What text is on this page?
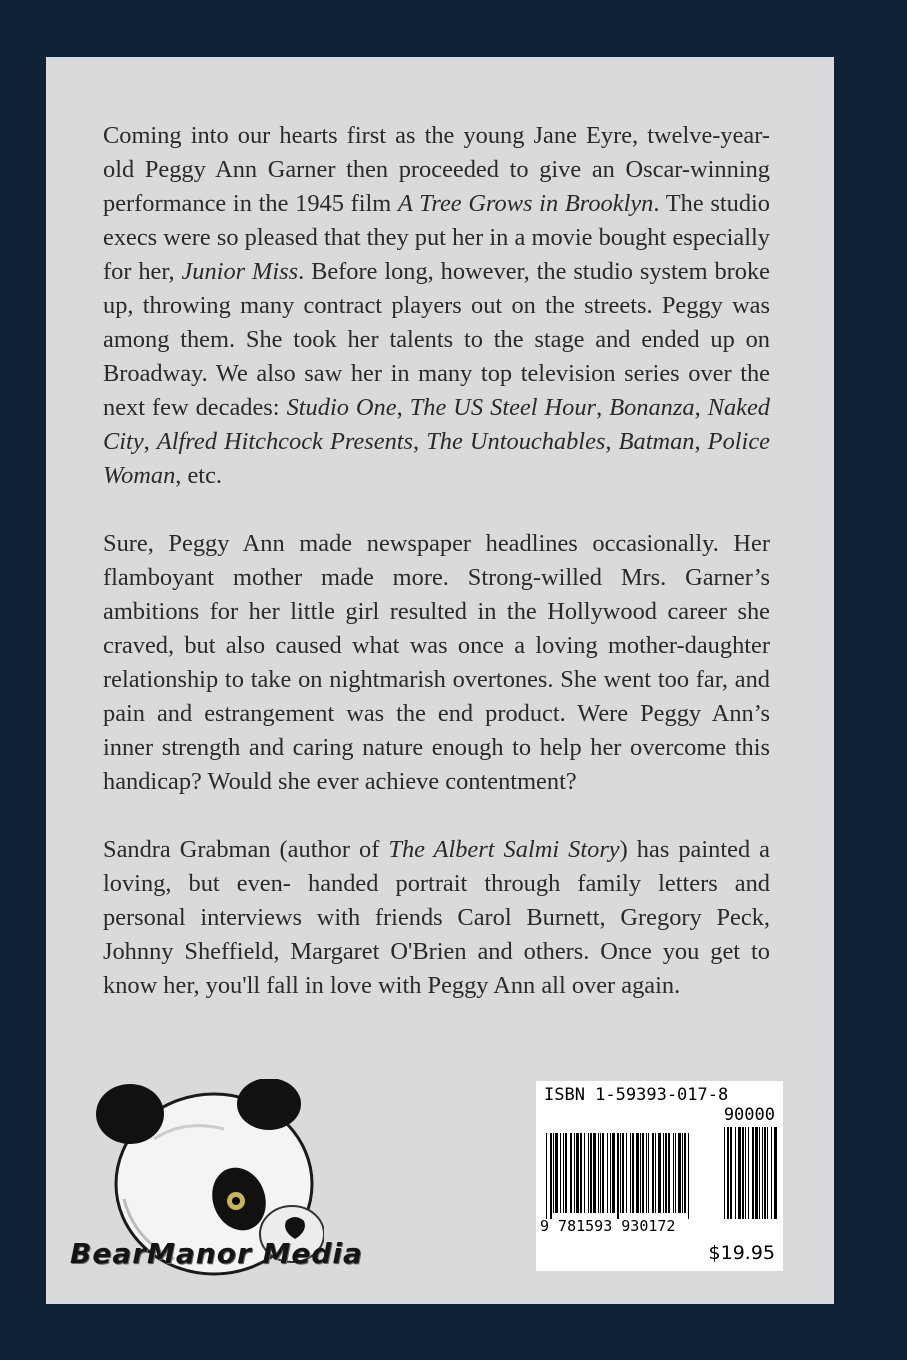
Coming into our hearts first as the young Jane Eyre, twelve-year-old Peggy Ann Garner then proceeded to give an Oscar-winning performance in the 1945 film A Tree Grows in Brooklyn. The studio execs were so pleased that they put her in a movie bought especially for her, Junior Miss. Before long, however, the studio system broke up, throwing many contract players out on the streets. Peggy was among them. She took her talents to the stage and ended up on Broadway. We also saw her in many top television series over the next few decades: Studio One, The US Steel Hour, Bonanza, Naked City, Alfred Hitchcock Presents, The Untouchables, Batman, Police Woman, etc.

Sure, Peggy Ann made newspaper headlines occasionally. Her flamboyant mother made more. Strong-willed Mrs. Garner’s ambitions for her little girl resulted in the Hollywood career she craved, but also caused what was once a loving mother-daughter relationship to take on nightmarish overtones. She went too far, and pain and estrangement was the end product. Were Peggy Ann’s inner strength and caring nature enough to help her overcome this handicap? Would she ever achieve contentment?

Sandra Grabman (author of The Albert Salmi Story) has painted a loving, but even- handed portrait through family letters and personal interviews with friends Carol Burnett, Gregory Peck, Johnny Sheffield, Margaret O'Brien and others. Once you get to know her, you'll fall in love with Peggy Ann all over again.

BearManor Media
ISBN 1-59393-017-8
90000
9 781593 930172
$19.95
